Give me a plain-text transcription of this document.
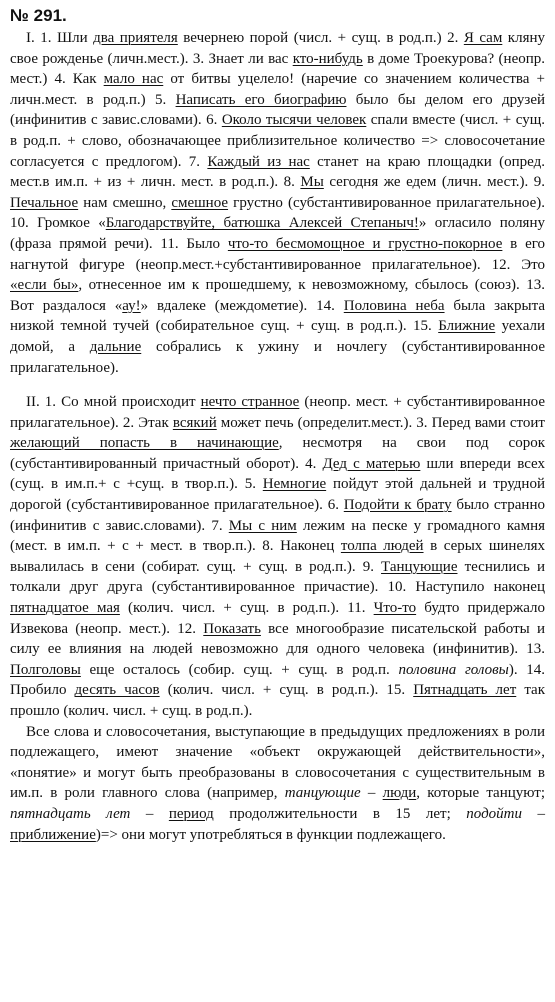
№ 291.

I. 1. Шли два приятеля вечернею порой (числ. + сущ. в род.п.) 2. Я сам кляну свое рожденье (личн.мест.). 3. Знает ли вас кто-нибудь в доме Троекурова? (неопр. мест.) 4. Как мало нас от битвы уцелело! (наречие со значением количества + личн.мест. в род.п.) 5. Написать его биографию было бы делом его друзей (инфинитив с завис.словами). 6. Около тысячи человек спали вместе (числ. + сущ. в род.п. + слово, обозначающее приблизительное количество => словосочетание согласуется с предлогом). 7. Каждый из нас станет на краю площадки (опред. мест.в им.п. + из + личн. мест. в род.п.). 8. Мы сегодня же едем (личн. мест.). 9. Печальное нам смешно, смешное грустно (субстантивированное прилагательное). 10. Громкое «Благодарствуйте, батюшка Алексей Степаныч!» огласило поляну (фраза прямой речи). 11. Было что-то бесмомощное и грустно-покорное в его нагнутой фигуре (неопр.мест.+субстантивированное прилагательное). 12. Это «если бы», отнесенное им к прошедшему, к невозможному, сбылось (союз). 13. Вот раздалося «ау!» вдалеке (междометие). 14. Половина неба была закрыта низкой темной тучей (собирательное сущ. + сущ. в род.п.). 15. Ближние уехали домой, а дальние собрались к ужину и ночлегу (субстантивированное прилагательное).

II. 1. Со мной происходит нечто странное (неопр. мест. + субстантивированное прилагательное). 2. Этак всякий может печь (определит.мест.). 3. Перед вами стоит желающий попасть в начинающие, несмотря на свои под сорок (субстантивированный причастный оборот). 4. Дед с матерью шли впереди всех (сущ. в им.п.+ с +сущ. в твор.п.). 5. Немногие пойдут этой дальней и трудной дорогой (субстантивированное прилагательное). 6. Подойти к брату было странно (инфинитив с завис.словами). 7. Мы с ним лежим на песке у громадного камня (мест. в им.п. + с + мест. в твор.п.). 8. Наконец толпа людей в серых шинелях вывалилась в сени (собират. сущ. + сущ. в род.п.). 9. Танцующие теснились и толкали друг друга (субстантивированное причастие). 10. Наступило наконец пятнадцатое мая (колич. числ. + сущ. в род.п.). 11. Что-то будто придержало Извекова (неопр. мест.). 12. Показать все многообразие писательской работы и силу ее влияния на людей невозможно для одного человека (инфинитив). 13. Полголовы еще осталось (собир. сущ. + сущ. в род.п. половина головы). 14. Пробило десять часов (колич. числ. + сущ. в род.п.). 15. Пятнадцать лет так прошло (колич. числ. + сущ. в род.п.).

Все слова и словосочетания, выступающие в предыдущих предложениях в роли подлежащего, имеют значение «объект окружающей действительности», «понятие» и могут быть преобразованы в словосочетания с существительным в им.п. в роли главного слова (например, танцующие – люди, которые танцуют; пятнадцать лет – период продолжительности в 15 лет; подойти – приближение)=> они могут употребляться в функции подлежащего.
